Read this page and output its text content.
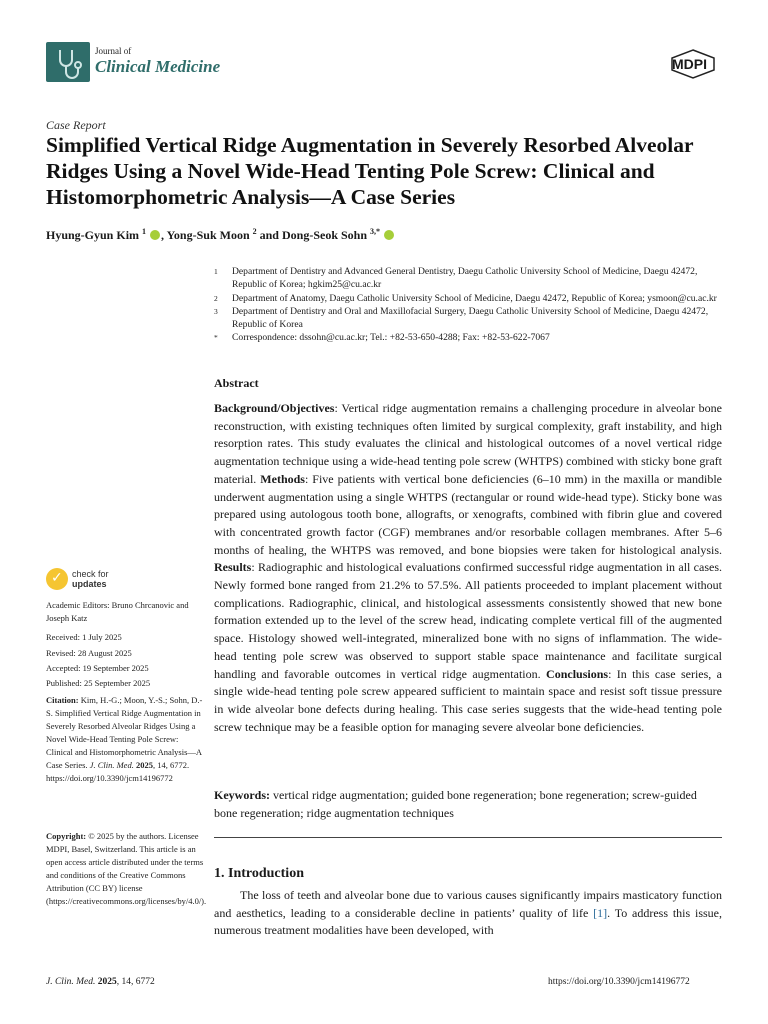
Journal of
Clinical Medicine	MDPI
Case Report
Simplified Vertical Ridge Augmentation in Severely Resorbed Alveolar Ridges Using a Novel Wide-Head Tenting Pole Screw: Clinical and Histomorphometric Analysis—A Case Series
Hyung-Gyun Kim $^1$ , Yong-Suk Moon $^2$ and Dong-Seok Sohn $^{3,*}$
1	Department of Dentistry and Advanced General Dentistry, Daegu Catholic University School of Medicine, Daegu 42472, Republic of Korea; hgkim25@cu.ac.kr
2	Department of Anatomy, Daegu Catholic University School of Medicine, Daegu 42472, Republic of Korea; ysmoon@cu.ac.kr
3	Department of Dentistry and Oral and Maxillofacial Surgery, Daegu Catholic University School of Medicine, Daegu 42472, Republic of Korea
*	Correspondence: dssohn@cu.ac.kr; Tel.: +82-53-650-4288; Fax: +82-53-622-7067
Abstract
Background/Objectives: Vertical ridge augmentation remains a challenging procedure in alveolar bone reconstruction, with existing techniques often limited by surgical complexity, graft instability, and high resorption rates. This study evaluates the clinical and histological outcomes of a novel vertical ridge augmentation technique using a wide-head tenting pole screw (WHTPS) combined with sticky bone graft material. Methods: Five patients with vertical bone deficiencies (6–10 mm) in the maxilla or mandible underwent augmentation using a single WHTPS (rectangular or round wide-head type). Sticky bone was prepared using autologous tooth bone, allografts, or xenografts, combined with fibrin glue and covered with concentrated growth factor (CGF) membranes and/or resorbable collagen membranes. After 5–6 months of healing, the WHTPS was removed, and bone biopsies were taken for histological analysis. Results: Radiographic and histological evaluations confirmed successful ridge augmentation in all cases. Newly formed bone ranged from 21.2% to 57.5%. All patients proceeded to implant placement without complications. Radiographic, clinical, and histological assessments consistently showed that new bone formation extended up to the level of the screw head, indicating complete vertical fill of the augmented space. Histology showed well-integrated, mineralized bone with no signs of inflammation. The wide-head tenting pole screw was observed to support stable space maintenance and facilitate surgical handling and favorable outcomes in vertical ridge augmentation. Conclusions: In this case series, a single wide-head tenting pole screw appeared sufficient to maintain space and resist soft tissue pressure in wide alveolar bone defects during healing. This case series suggests that the wide-head tenting pole screw technique may be a feasible option for managing severe alveolar bone deficiencies.
Keywords: vertical ridge augmentation; guided bone regeneration; bone regeneration; screw-guided bone regeneration; ridge augmentation techniques
1. Introduction
The loss of teeth and alveolar bone due to various causes significantly impairs masticatory function and aesthetics, leading to a considerable decline in patients’ quality of life [1]. To address this issue, numerous treatment modalities have been developed, with
✓ check for
updates
Academic Editors: Bruno Chrcanovic and Joseph Katz
Received: 1 July 2025
Revised: 28 August 2025
Accepted: 19 September 2025
Published: 25 September 2025
Citation: Kim, H.-G.; Moon, Y.-S.; Sohn, D.-S. Simplified Vertical Ridge Augmentation in Severely Resorbed Alveolar Ridges Using a Novel Wide-Head Tenting Pole Screw: Clinical and Histomorphometric Analysis—A Case Series. J. Clin. Med. 2025, 14, 6772. https://doi.org/10.3390/jcm14196772
Copyright: © 2025 by the authors. Licensee MDPI, Basel, Switzerland. This article is an open access article distributed under the terms and conditions of the Creative Commons Attribution (CC BY) license (https://creativecommons.org/licenses/by/4.0/).
J. Clin. Med. 2025, 14, 6772	https://doi.org/10.3390/jcm14196772
